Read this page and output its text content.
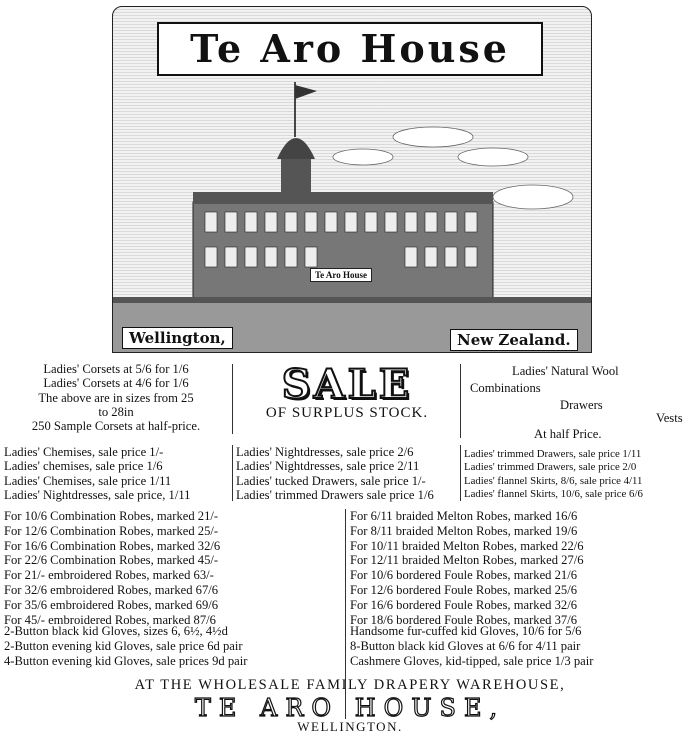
Te Aro House
Te Aro House
Wellington,	New Zealand.
Ladies' Corsets at 5/6 for 1/6
Ladies' Corsets at 4/6 for 1/6
The above are in sizes from 25
to 28in
250 Sample Corsets at half-price.
SALE
OF SURPLUS STOCK.
Ladies' Natural Wool
Combinations
Drawers
Vests
At half Price.
Ladies' Chemises, sale price 1/-
Ladies' chemises, sale price 1/6
Ladies' Chemises, sale price 1/11
Ladies' Nightdresses, sale price, 1/11
Ladies' Nightdresses, sale price 2/6
Ladies' Nightdresses, sale price 2/11
Ladies' tucked Drawers, sale price 1/-
Ladies' trimmed Drawers sale price 1/6
Ladies' trimmed Drawers, sale price 1/11
Ladies' trimmed Drawers, sale price 2/0
Ladies' flannel Skirts, 8/6, sale price 4/11
Ladies' flannel Skirts, 10/6, sale price 6/6
For 10/6 Combination Robes, marked 21/-
For 12/6 Combination Robes, marked 25/-
For 16/6 Combination Robes, marked 32/6
For 22/6 Combination Robes, marked 45/-
For 21/- embroidered Robes, marked 63/-
For 32/6 embroidered Robes, marked 67/6
For 35/6 embroidered Robes, marked 69/6
For 45/- embroidered Robes, marked 87/6
For 6/11 braided Melton Robes, marked 16/6
For 8/11 braided Melton Robes, marked 19/6
For 10/11 braided Melton Robes, marked 22/6
For 12/11 braided Melton Robes, marked 27/6
For 10/6 bordered Foule Robes, marked 21/6
For 12/6 bordered Foule Robes, marked 25/6
For 16/6 bordered Foule Robes, marked 32/6
For 18/6 bordered Foule Robes, marked 37/6
2-Button black kid Gloves, sizes 6, 6½, 4½d
2-Button evening kid Gloves, sale price 6d pair
4-Button evening kid Gloves, sale prices 9d pair
Handsome fur-cuffed kid Gloves, 10/6 for 5/6
8-Button black kid Gloves at 6/6 for 4/11 pair
Cashmere Gloves, kid-tipped, sale price 1/3 pair
AT THE WHOLESALE FAMILY DRAPERY WAREHOUSE,
TE ARO HOUSE,
WELLINGTON.
